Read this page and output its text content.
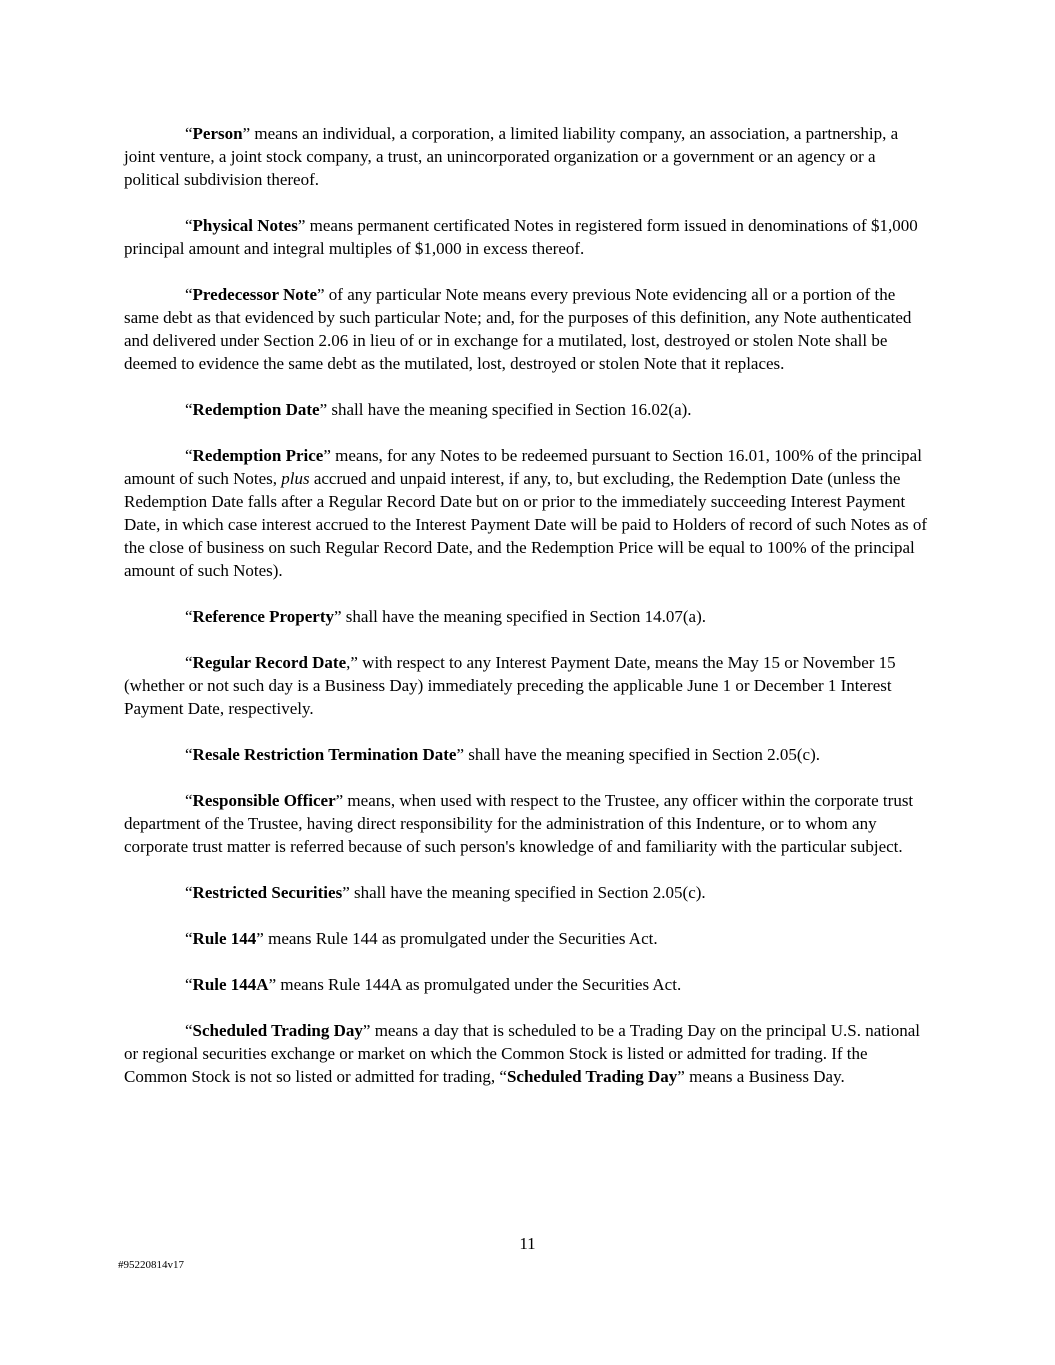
“Person” means an individual, a corporation, a limited liability company, an association, a partnership, a joint venture, a joint stock company, a trust, an unincorporated organization or a government or an agency or a political subdivision thereof.

“Physical Notes” means permanent certificated Notes in registered form issued in denominations of $1,000 principal amount and integral multiples of $1,000 in excess thereof.

“Predecessor Note” of any particular Note means every previous Note evidencing all or a portion of the same debt as that evidenced by such particular Note; and, for the purposes of this definition, any Note authenticated and delivered under Section 2.06 in lieu of or in exchange for a mutilated, lost, destroyed or stolen Note shall be deemed to evidence the same debt as the mutilated, lost, destroyed or stolen Note that it replaces.

“Redemption Date” shall have the meaning specified in Section 16.02(a).

“Redemption Price” means, for any Notes to be redeemed pursuant to Section 16.01, 100% of the principal amount of such Notes, plus accrued and unpaid interest, if any, to, but excluding, the Redemption Date (unless the Redemption Date falls after a Regular Record Date but on or prior to the immediately succeeding Interest Payment Date, in which case interest accrued to the Interest Payment Date will be paid to Holders of record of such Notes as of the close of business on such Regular Record Date, and the Redemption Price will be equal to 100% of the principal amount of such Notes).

“Reference Property” shall have the meaning specified in Section 14.07(a).

“Regular Record Date,” with respect to any Interest Payment Date, means the May 15 or November 15 (whether or not such day is a Business Day) immediately preceding the applicable June 1 or December 1 Interest Payment Date, respectively.

“Resale Restriction Termination Date” shall have the meaning specified in Section 2.05(c).

“Responsible Officer” means, when used with respect to the Trustee, any officer within the corporate trust department of the Trustee, having direct responsibility for the administration of this Indenture, or to whom any corporate trust matter is referred because of such person's knowledge of and familiarity with the particular subject.

“Restricted Securities” shall have the meaning specified in Section 2.05(c).

“Rule 144” means Rule 144 as promulgated under the Securities Act.

“Rule 144A” means Rule 144A as promulgated under the Securities Act.

“Scheduled Trading Day” means a day that is scheduled to be a Trading Day on the principal U.S. national or regional securities exchange or market on which the Common Stock is listed or admitted for trading. If the Common Stock is not so listed or admitted for trading, “Scheduled Trading Day” means a Business Day.

11
#95220814v17
